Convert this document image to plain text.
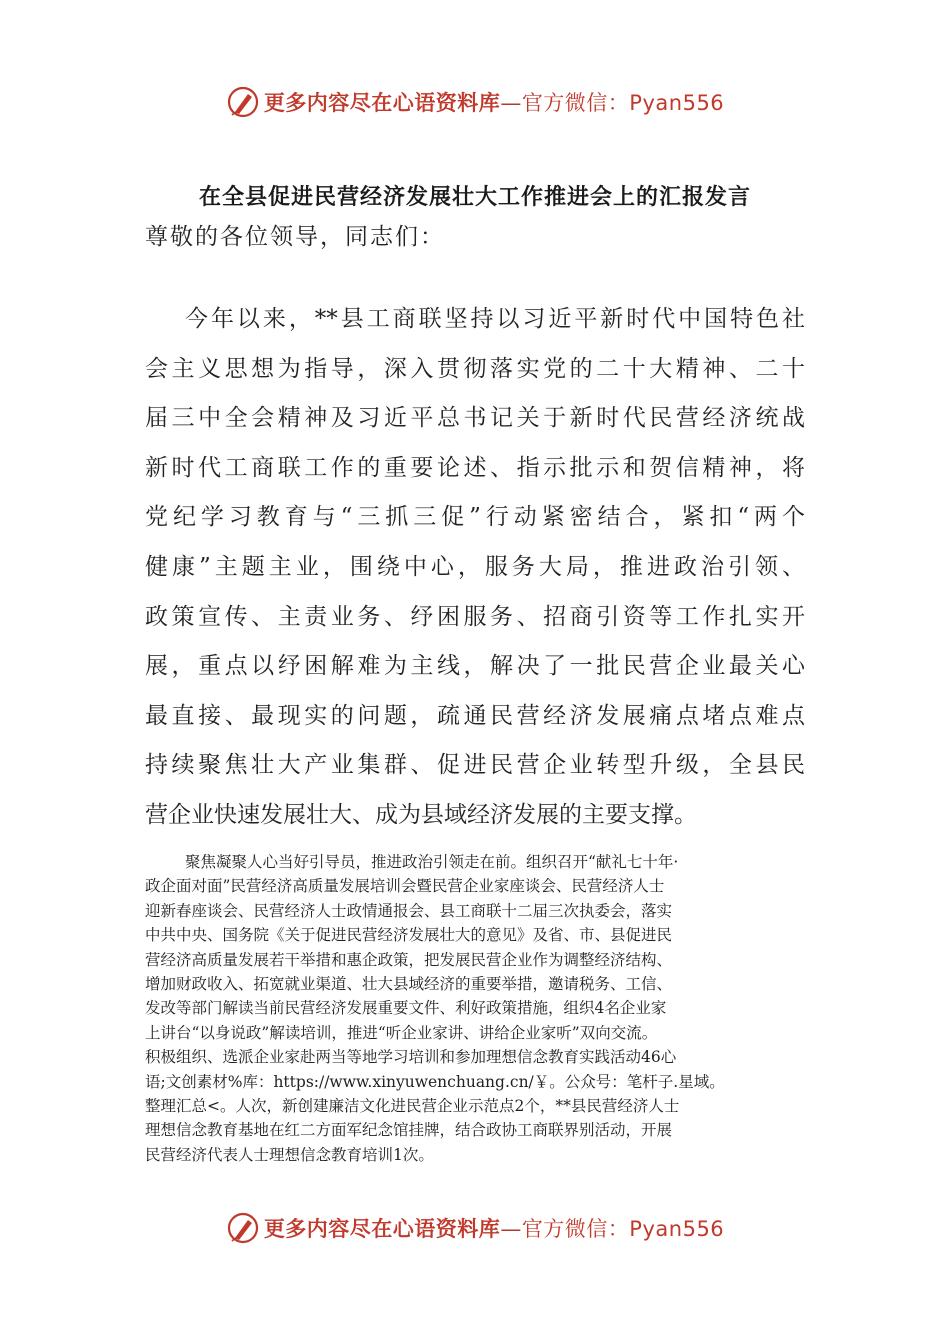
更多内容尽在心语资料库—官方微信：Pyan556
在全县促进民营经济发展壮大工作推进会上的汇报发言
尊敬的各位领导，同志们：
今年以来，**县工商联坚持以习近平新时代中国特色社
会主义思想为指导，深入贯彻落实党的二十大精神、二十
届三中全会精神及习近平总书记关于新时代民营经济统战
新时代工商联工作的重要论述、指示批示和贺信精神，将
党纪学习教育与“三抓三促”行动紧密结合，紧扣“两个
健康”主题主业，围绕中心，服务大局，推进政治引领、
政策宣传、主责业务、纾困服务、招商引资等工作扎实开
展，重点以纾困解难为主线，解决了一批民营企业最关心
最直接、最现实的问题，疏通民营经济发展痛点堵点难点
持续聚焦壮大产业集群、促进民营企业转型升级，全县民
营企业快速发展壮大、成为县域经济发展的主要支撑。
聚焦凝聚人心当好引导员，推进政治引领走在前。组织召开“献礼七十年·
政企面对面”民营经济高质量发展培训会暨民营企业家座谈会、民营经济人士
迎新春座谈会、民营经济人士政情通报会、县工商联十二届三次执委会，落实
中共中央、国务院《关于促进民营经济发展壮大的意见》及省、市、县促进民
营经济高质量发展若干举措和惠企政策，把发展民营企业作为调整经济结构、
增加财政收入、拓宽就业渠道、壮大县域经济的重要举措，邀请税务、工信、
发改等部门解读当前民营经济发展重要文件、利好政策措施，组织4名企业家
上讲台“以身说政”解读培训，推进“听企业家讲、讲给企业家听”双向交流。
积极组织、选派企业家赴两当等地学习培训和参加理想信念教育实践活动46心
语;文创素材%库：https://www.xinyuwenchuang.cn/￥。公众号：笔杆子.星域。
整理汇总<。人次，新创建廉洁文化进民营企业示范点2个，**县民营经济人士
理想信念教育基地在红二方面军纪念馆挂牌，结合政协工商联界别活动，开展
民营经济代表人士理想信念教育培训1次。
更多内容尽在心语资料库—官方微信：Pyan556
